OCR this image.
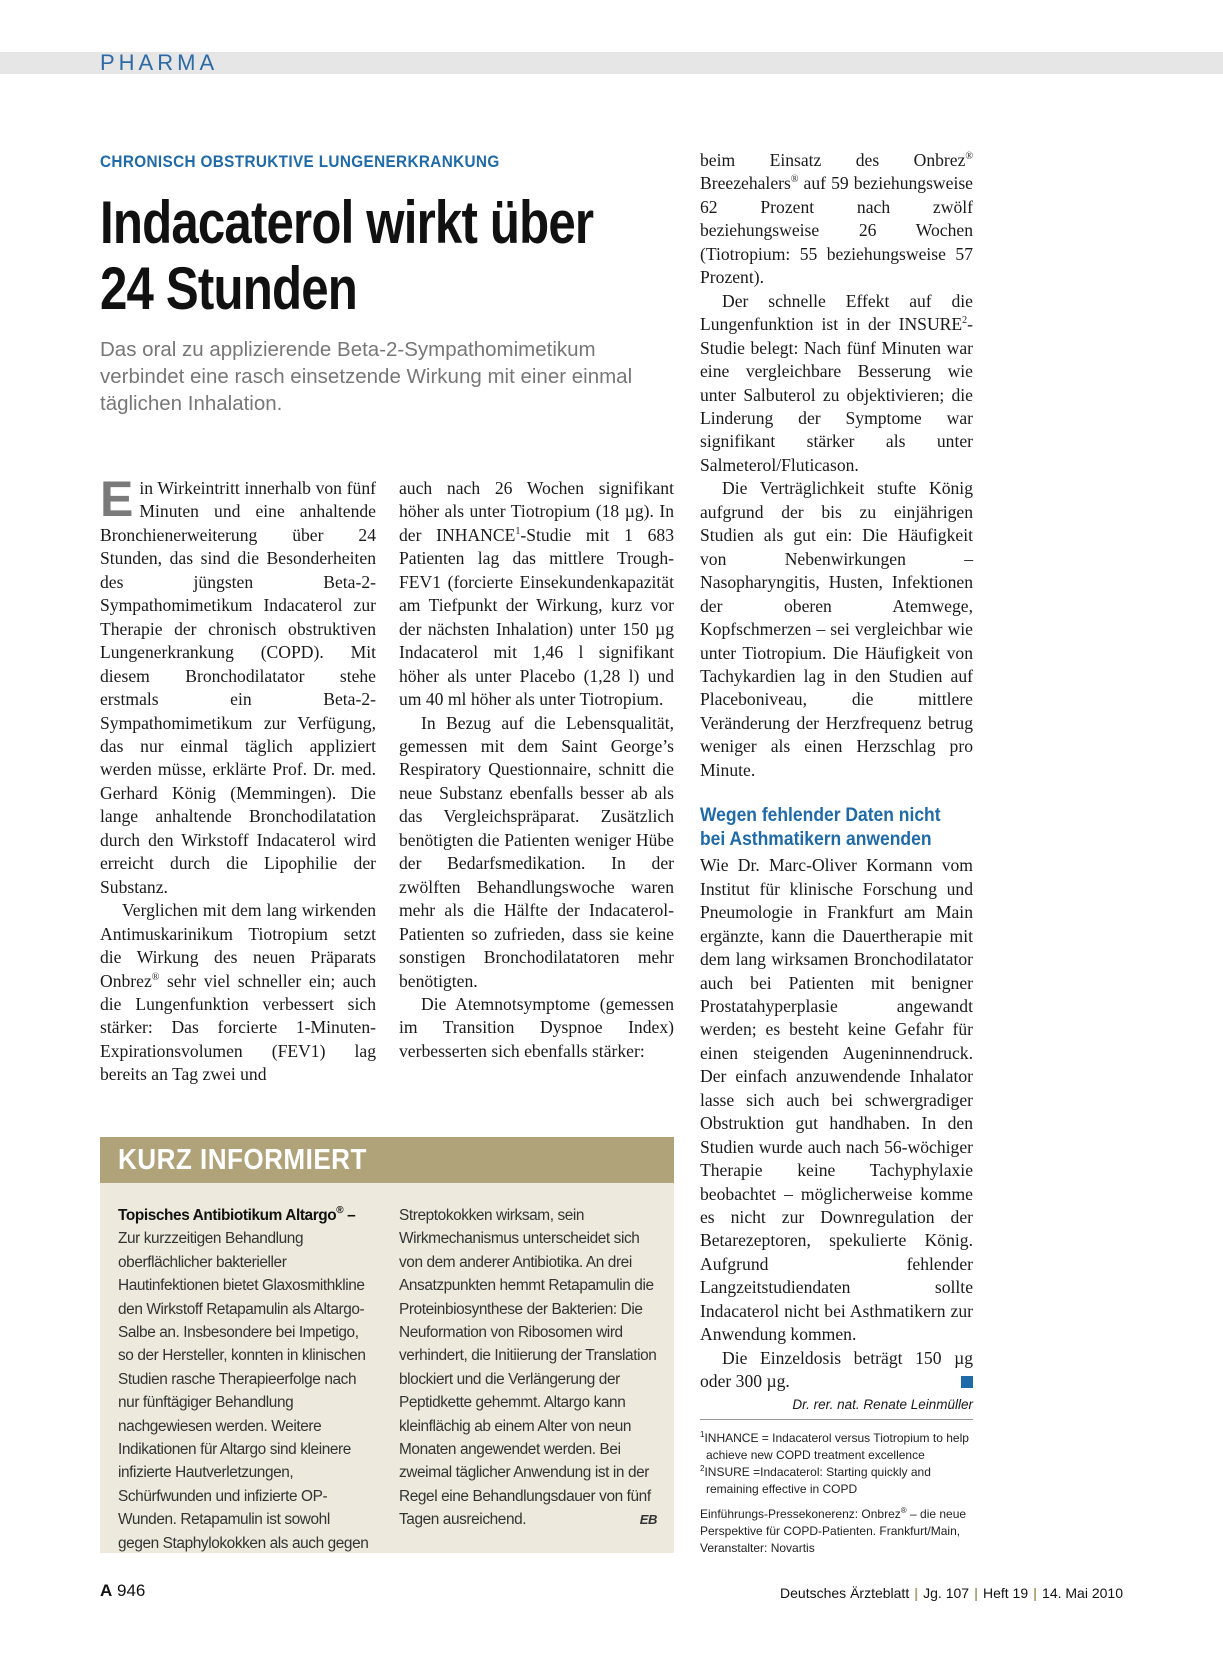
PHARMA
CHRONISCH OBSTRUKTIVE LUNGENERKRANKUNG
Indacaterol wirkt über
24 Stunden
Das oral zu applizierende Beta-2-Sympathomimetikum verbindet eine rasch einsetzende Wirkung mit einer einmal täglichen Inhalation.

Ein Wirkeintritt innerhalb von fünf Minuten und eine anhaltende Bronchienerweiterung über 24 Stunden, das sind die Besonderheiten des jüngsten Beta-2-Sympathomimetikum Indacaterol zur Therapie der chronisch obstruktiven Lungenerkrankung (COPD). Mit diesem Bronchodilatator stehe erstmals ein Beta-2-Sympathomimetikum zur Verfügung, das nur einmal täglich appliziert werden müsse, erklärte Prof. Dr. med. Gerhard König (Memmingen). Die lange anhaltende Bronchodilatation durch den Wirkstoff Indacaterol wird erreicht durch die Lipophilie der Substanz.

Verglichen mit dem lang wirkenden Antimuskarinikum Tiotropium setzt die Wirkung des neuen Präparats Onbrez® sehr viel schneller ein; auch die Lungenfunktion verbessert sich stärker: Das forcierte 1-Minuten-Expirationsvolumen (FEV1) lag bereits an Tag zwei und

auch nach 26 Wochen signifikant höher als unter Tiotropium (18 µg). In der INHANCE$^1$-Studie mit 1 683 Patienten lag das mittlere Trough-FEV1 (forcierte Einsekundenkapazität am Tiefpunkt der Wirkung, kurz vor der nächsten Inhalation) unter 150 µg Indacaterol mit 1,46 l signifikant höher als unter Placebo (1,28 l) und um 40 ml höher als unter Tiotropium.

In Bezug auf die Lebensqualität, gemessen mit dem Saint George’s Respiratory Questionnaire, schnitt die neue Substanz ebenfalls besser ab als das Vergleichspräparat. Zusätzlich benötigten die Patienten weniger Hübe der Bedarfsmedikation. In der zwölften Behandlungswoche waren mehr als die Hälfte der Indacaterol-Patienten so zufrieden, dass sie keine sonstigen Bronchodilatatoren mehr benötigten.

Die Atemnotsymptome (gemessen im Transition Dyspnoe Index) verbesserten sich ebenfalls stärker:

beim Einsatz des Onbrez® Breezehalers® auf 59 beziehungsweise 62 Prozent nach zwölf beziehungsweise 26 Wochen (Tiotropium: 55 beziehungsweise 57 Prozent).

Der schnelle Effekt auf die Lungenfunktion ist in der INSURE$^2$-Studie belegt: Nach fünf Minuten war eine vergleichbare Besserung wie unter Salbuterol zu objektivieren; die Linderung der Symptome war signifikant stärker als unter Salmeterol/Fluticason.

Die Verträglichkeit stufte König aufgrund der bis zu einjährigen Studien als gut ein: Die Häufigkeit von Nebenwirkungen – Nasopharyngitis, Husten, Infektionen der oberen Atemwege, Kopfschmerzen – sei vergleichbar wie unter Tiotropium. Die Häufigkeit von Tachykardien lag in den Studien auf Placeboniveau, die mittlere Veränderung der Herzfrequenz betrug weniger als einen Herzschlag pro Minute.

Wegen fehlender Daten nicht
bei Asthmatikern anwenden

Wie Dr. Marc-Oliver Kormann vom Institut für klinische Forschung und Pneumologie in Frankfurt am Main ergänzte, kann die Dauertherapie mit dem lang wirksamen Bronchodilatator auch bei Patienten mit benigner Prostatahyperplasie angewandt werden; es besteht keine Gefahr für einen steigenden Augeninnendruck. Der einfach anzuwendende Inhalator lasse sich auch bei schwergradiger Obstruktion gut handhaben. In den Studien wurde auch nach 56-wöchiger Therapie keine Tachyphylaxie beobachtet – möglicherweise komme es nicht zur Downregulation der Betarezeptoren, spekulierte König. Aufgrund fehlender Langzeitstudiendaten sollte Indacaterol nicht bei Asthmatikern zur Anwendung kommen.

Die Einzeldosis beträgt 150 µg oder 300 µg.

Dr. rer. nat. Renate Leinmüller
$^1$INHANCE = Indacaterol versus Tiotropium to help achieve new COPD treatment excellence
$^2$INSURE =Indacaterol: Starting quickly and remaining effective in COPD
Einführungs-Pressekonerenz: Onbrez® – die neue Perspektive für COPD-Patienten. Frankfurt/Main, Veranstalter: Novartis
KURZ INFORMIERT
Topisches Antibiotikum Altargo® – Zur kurzzeitigen Behandlung oberflächlicher bakterieller Hautinfektionen bietet Glaxosmithkline den Wirkstoff Retapamulin als Altargo-Salbe an. Insbesondere bei Impetigo, so der Hersteller, konnten in klinischen Studien rasche Therapieerfolge nach nur fünftägiger Behandlung nachgewiesen werden. Weitere Indikationen für Altargo sind kleinere infizierte Hautverletzungen, Schürfwunden und infizierte OP-Wunden. Retapamulin ist sowohl gegen Staphylokokken als auch gegen
Streptokokken wirksam, sein Wirkmechanismus unterscheidet sich von dem anderer Antibiotika. An drei Ansatzpunkten hemmt Retapamulin die Proteinbiosynthese der Bakterien: Die Neuformation von Ribosomen wird verhindert, die Initiierung der Translation blockiert und die Verlängerung der Peptidkette gehemmt. Altargo kann kleinflächig ab einem Alter von neun Monaten angewendet werden. Bei zweimal täglicher Anwendung ist in der Regel eine Behandlungsdauer von fünf Tagen ausreichend.	EB
A 946	Deutsches Ärzteblatt | Jg. 107 | Heft 19 | 14. Mai 2010
